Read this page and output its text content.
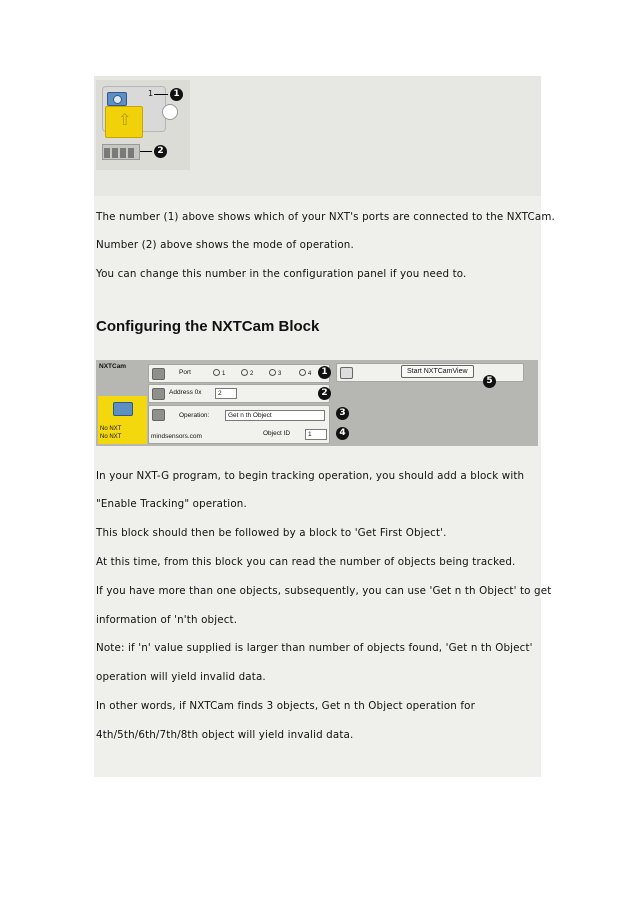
⇧
1	1
2
The number (1) above shows which of your NXT's ports are connected to the NXTCam.
Number (2) above shows the mode of operation.
You can change this number in the configuration panel if you need to.
Configuring the NXTCam Block
NXTCam
No NXT
No NXT
Port	1	2	3	4	1	Start NXTCamView
5
Address 0x	2	2
Operation:	Get n th Object
Object ID	1
mindsensors.com
3
4
In your NXT-G program, to begin tracking operation, you should add a block with
"Enable Tracking" operation.
This block should then be followed by a block to 'Get First Object'.
At this time, from this block you can read the number of objects being tracked.
If you have more than one objects, subsequently, you can use 'Get n th Object' to get
information of 'n'th object.
Note: if 'n' value supplied is larger than number of objects found, 'Get n th Object'
operation will yield invalid data.
In other words, if NXTCam finds 3 objects, Get n th Object operation for
4th/5th/6th/7th/8th object will yield invalid data.
